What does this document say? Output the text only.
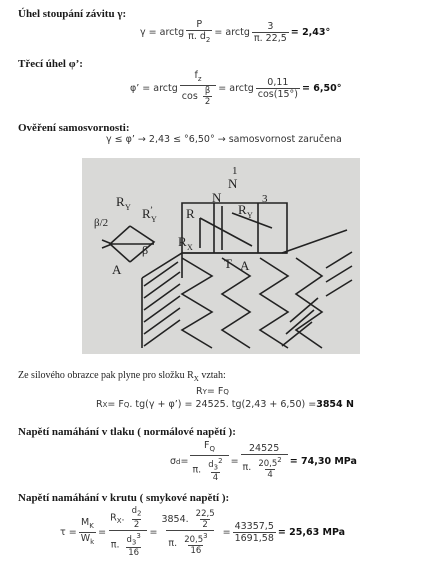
Úhel stoupání závitu γ:
γ = arctg $\frac{P}{\pi. d_2}$ = arctg $\frac{3}{\pi. 22,5} = 2,43^\circ$
Třecí úhel φ’:
φ’ = arctg $\frac{f_z}{\cos \frac{\beta}{2}}$ = arctg $\frac{0,11}{\cos(15^\circ)} = 6,50^\circ$
Ověření samosvornosti:
γ ≤ φ’ → 2,43 ≤ °6,50° → samosvornost zaručena
R Y R Y
’	R
N
R Y
R X
T A
A
β/2
β
N
1
3
Ze silového obrazce pak plyne pro složku $R_X$ vztah:
R Y = F Q
R X = F Q . tg(γ + φ’) = 24525. tg(2,43 + 6,50) = 3854 N
Napětí namáhání v tlaku ( normálové napětí ):
σ $d = \frac{F_Q}{\pi. \frac{d_3^2}{4}} = \frac{24525}{\pi. \frac{20,5^2}{4}} = 74,30$ MPa
Napětí namáhání v krutu ( smykové napětí ):
$\tau = \frac{M_K}{W_k} = \frac{R_X. \frac{d_2}{2}}{\pi. \frac{d_3^3}{16}} = \frac{3854. \frac{22,5}{2}}{\pi. \frac{20,5^3}{16}} = \frac{43357,5}{1691,58} = 25,63$ MPa
